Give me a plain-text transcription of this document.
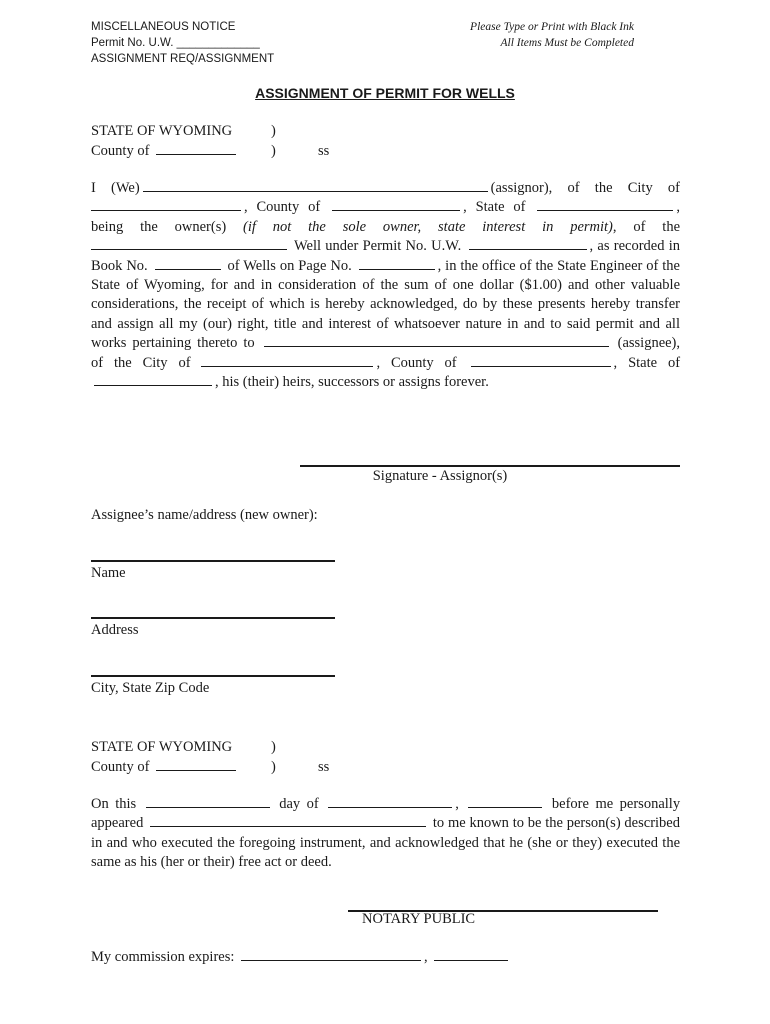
MISCELLANEOUS NOTICE
Permit No. U.W. _____________
ASSIGNMENT REQ/ASSIGNMENT
Please Type or Print with Black Ink
All Items Must be Completed
ASSIGNMENT OF PERMIT FOR WELLS
STATE OF WYOMING	)
County of	)	ss
I (We)	(assignor), of the City of , County of	, State of	, being the owner(s) (if not the sole owner, state interest in permit), of the  Well under Permit No. U.W.	, as recorded in Book No.	of Wells on Page No.	, in the office of the State Engineer of the State of Wyoming, for and in consideration of the sum of one dollar ($1.00) and other valuable considerations, the receipt of which is hereby acknowledged, do by these presents hereby transfer and assign all my (our) right, title and interest of whatsoever nature in and to said permit and all works pertaining thereto to	(assignee), of the City of	, County of	, State of , his (their) heirs, successors or assigns forever.
Signature - Assignor(s)
Assignee’s name/address (new owner):
Name
Address
City, State Zip Code
STATE OF WYOMING	)
County of	)	ss
On this	day of	,	before me personally appeared	to me known to be the person(s) described in and who executed the foregoing instrument, and acknowledged that he (she or they) executed the same as his (her or their) free act or deed.
NOTARY PUBLIC
My commission expires:	,
